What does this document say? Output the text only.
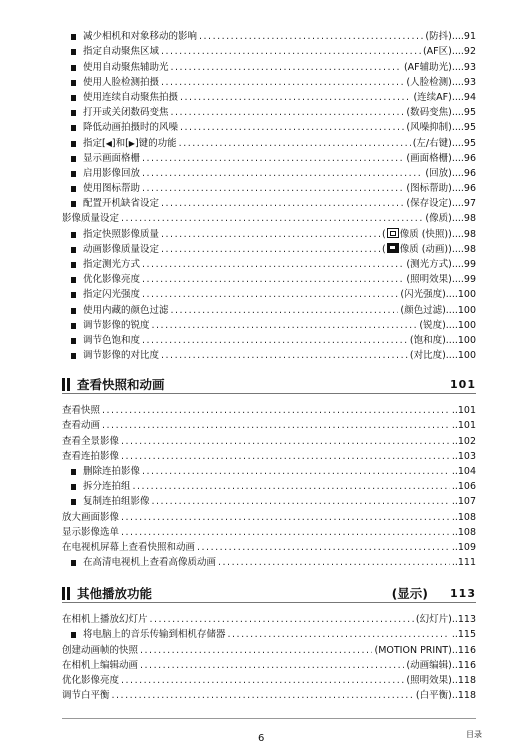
减少相机和对象移动的影响 .....	(防抖)....91
指定自动聚焦区域 .....	(AF区)....92
使用自动聚焦辅助光 .....	(AF辅助光)....93
使用人脸检测拍摄 .....	(人脸检测)....93
使用连续自动聚焦拍摄 .....	(连续AF)....94
打开或关闭数码变焦 .....	(数码变焦)....95
降低动画拍摄时的风噪 .....	(风噪抑制)....95
指定[◀]和[▶]键的功能 .....	(左/右键)....95
显示画面格栅 .....	(画面格栅)....96
启用影像回放 .....	(回放)....96
使用图标帮助 .....	(图标帮助)....96
配置开机缺省设定 .....	(保存设定)....97
影像质量设定 .....	(像质)....98
指定快照影像质量 .....	( 像质 (快照))....98
动画影像质量设定 .....	( 像质 (动画))....98
指定测光方式 .....	(测光方式)....99
优化影像亮度 .....	(照明效果)....99
指定闪光强度 .....	(闪光强度)....100
使用内藏的颜色过滤 .....	(颜色过滤)....100
调节影像的锐度 .....	(锐度)....100
调节色饱和度 .....	(饱和度)....100
调节影像的对比度 .....	(对比度)....100
查看快照和动画	101
查看快照 .....	..101
查看动画 .....	..101
查看全景影像 .....	..102
查看连拍影像 .....	..103
删除连拍影像 .....	..104
拆分连拍组 .....	..106
复制连拍组影像 .....	..107
放大画面影像 .....	..108
显示影像选单 .....	..108
在电视机屏幕上查看快照和动画 .....	..109
在高清电视机上查看高像质动画 .....	..111
其他播放功能	(显示) 113
在相机上播放幻灯片 .....	(幻灯片)..113
将电脑上的音乐传输到相机存储器 .....	..115
创建动画帧的快照 .....	(MOTION PRINT)..116
在相机上编辑动画 .....	(动画编辑)..116
优化影像亮度 .....	(照明效果)..118
调节白平衡 .....	(白平衡)..118
6	目录
